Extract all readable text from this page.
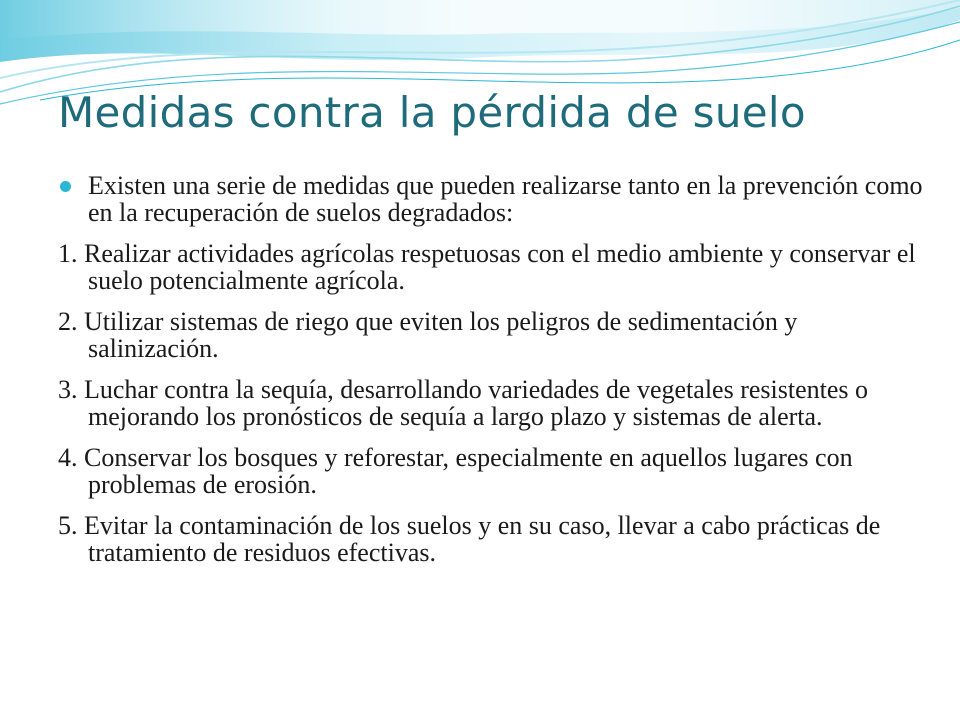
Medidas contra la pérdida de suelo
Existen una serie de medidas que pueden realizarse tanto en la prevención como en la recuperación de suelos degradados:
1. Realizar actividades agrícolas respetuosas con el medio ambiente y conservar el suelo potencialmente agrícola.
2. Utilizar sistemas de riego que eviten los peligros de sedimentación y salinización.
3. Luchar contra la sequía, desarrollando variedades de vegetales resistentes o mejorando los pronósticos de sequía a largo plazo y sistemas de alerta.
4. Conservar los bosques y reforestar, especialmente en aquellos lugares con problemas de erosión.
5. Evitar la contaminación de los suelos y en su caso, llevar a cabo prácticas de tratamiento de residuos efectivas.
